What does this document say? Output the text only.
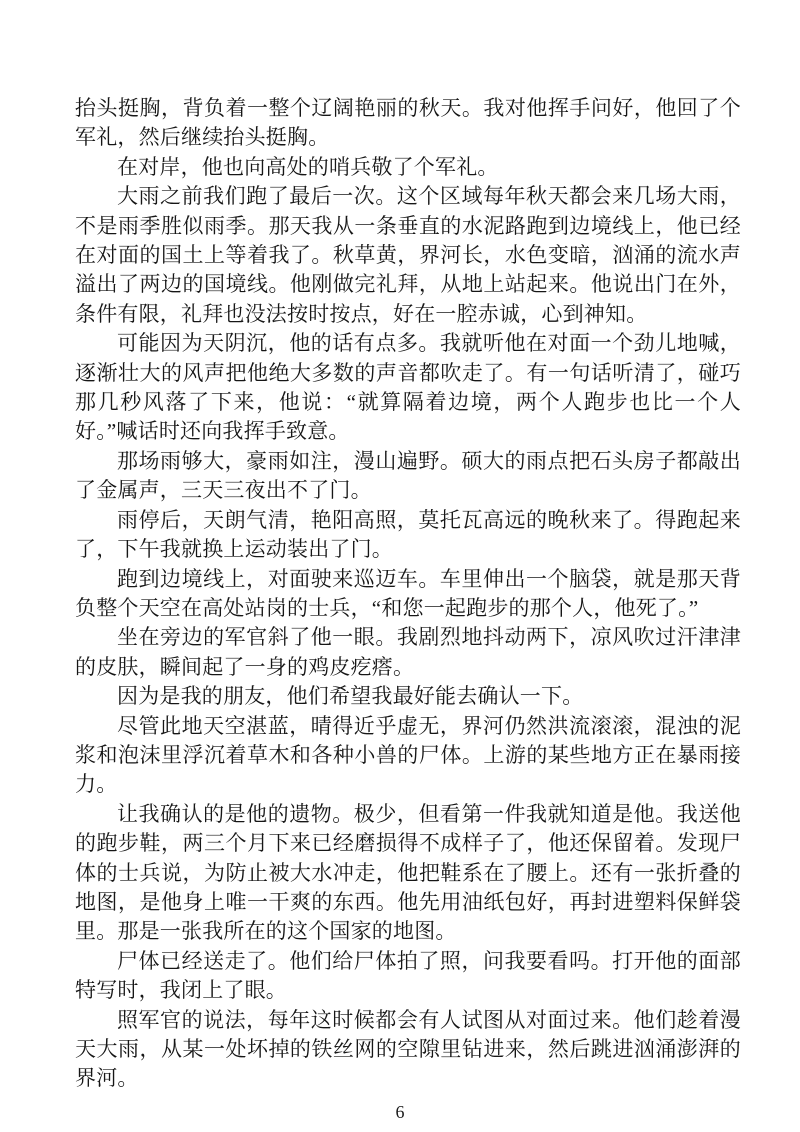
抬头挺胸，背负着一整个辽阔艳丽的秋天。我对他挥手问好，他回了个军礼，然后继续抬头挺胸。

在对岸，他也向高处的哨兵敬了个军礼。

大雨之前我们跑了最后一次。这个区域每年秋天都会来几场大雨，不是雨季胜似雨季。那天我从一条垂直的水泥路跑到边境线上，他已经在对面的国土上等着我了。秋草黄，界河长，水色变暗，汹涌的流水声溢出了两边的国境线。他刚做完礼拜，从地上站起来。他说出门在外，条件有限，礼拜也没法按时按点，好在一腔赤诚，心到神知。

可能因为天阴沉，他的话有点多。我就听他在对面一个劲儿地喊，逐渐壮大的风声把他绝大多数的声音都吹走了。有一句话听清了，碰巧那几秒风落了下来，他说：“就算隔着边境，两个人跑步也比一个人好。”喊话时还向我挥手致意。

那场雨够大，豪雨如注，漫山遍野。硕大的雨点把石头房子都敲出了金属声，三天三夜出不了门。

雨停后，天朗气清，艳阳高照，莫托瓦高远的晚秋来了。得跑起来了，下午我就换上运动装出了门。

跑到边境线上，对面驶来巡迈车。车里伸出一个脑袋，就是那天背负整个天空在高处站岗的士兵，“和您一起跑步的那个人，他死了。”

坐在旁边的军官斜了他一眼。我剧烈地抖动两下，凉风吹过汗津津的皮肤，瞬间起了一身的鸡皮疙瘩。

因为是我的朋友，他们希望我最好能去确认一下。

尽管此地天空湛蓝，晴得近乎虚无，界河仍然洪流滚滚，混浊的泥浆和泡沫里浮沉着草木和各种小兽的尸体。上游的某些地方正在暴雨接力。

让我确认的是他的遗物。极少，但看第一件我就知道是他。我送他的跑步鞋，两三个月下来已经磨损得不成样子了，他还保留着。发现尸体的士兵说，为防止被大水冲走，他把鞋系在了腰上。还有一张折叠的地图，是他身上唯一干爽的东西。他先用油纸包好，再封进塑料保鲜袋里。那是一张我所在的这个国家的地图。

尸体已经送走了。他们给尸体拍了照，问我要看吗。打开他的面部特写时，我闭上了眼。

照军官的说法，每年这时候都会有人试图从对面过来。他们趁着漫天大雨，从某一处坏掉的铁丝网的空隙里钻进来，然后跳进汹涌澎湃的界河。

6
